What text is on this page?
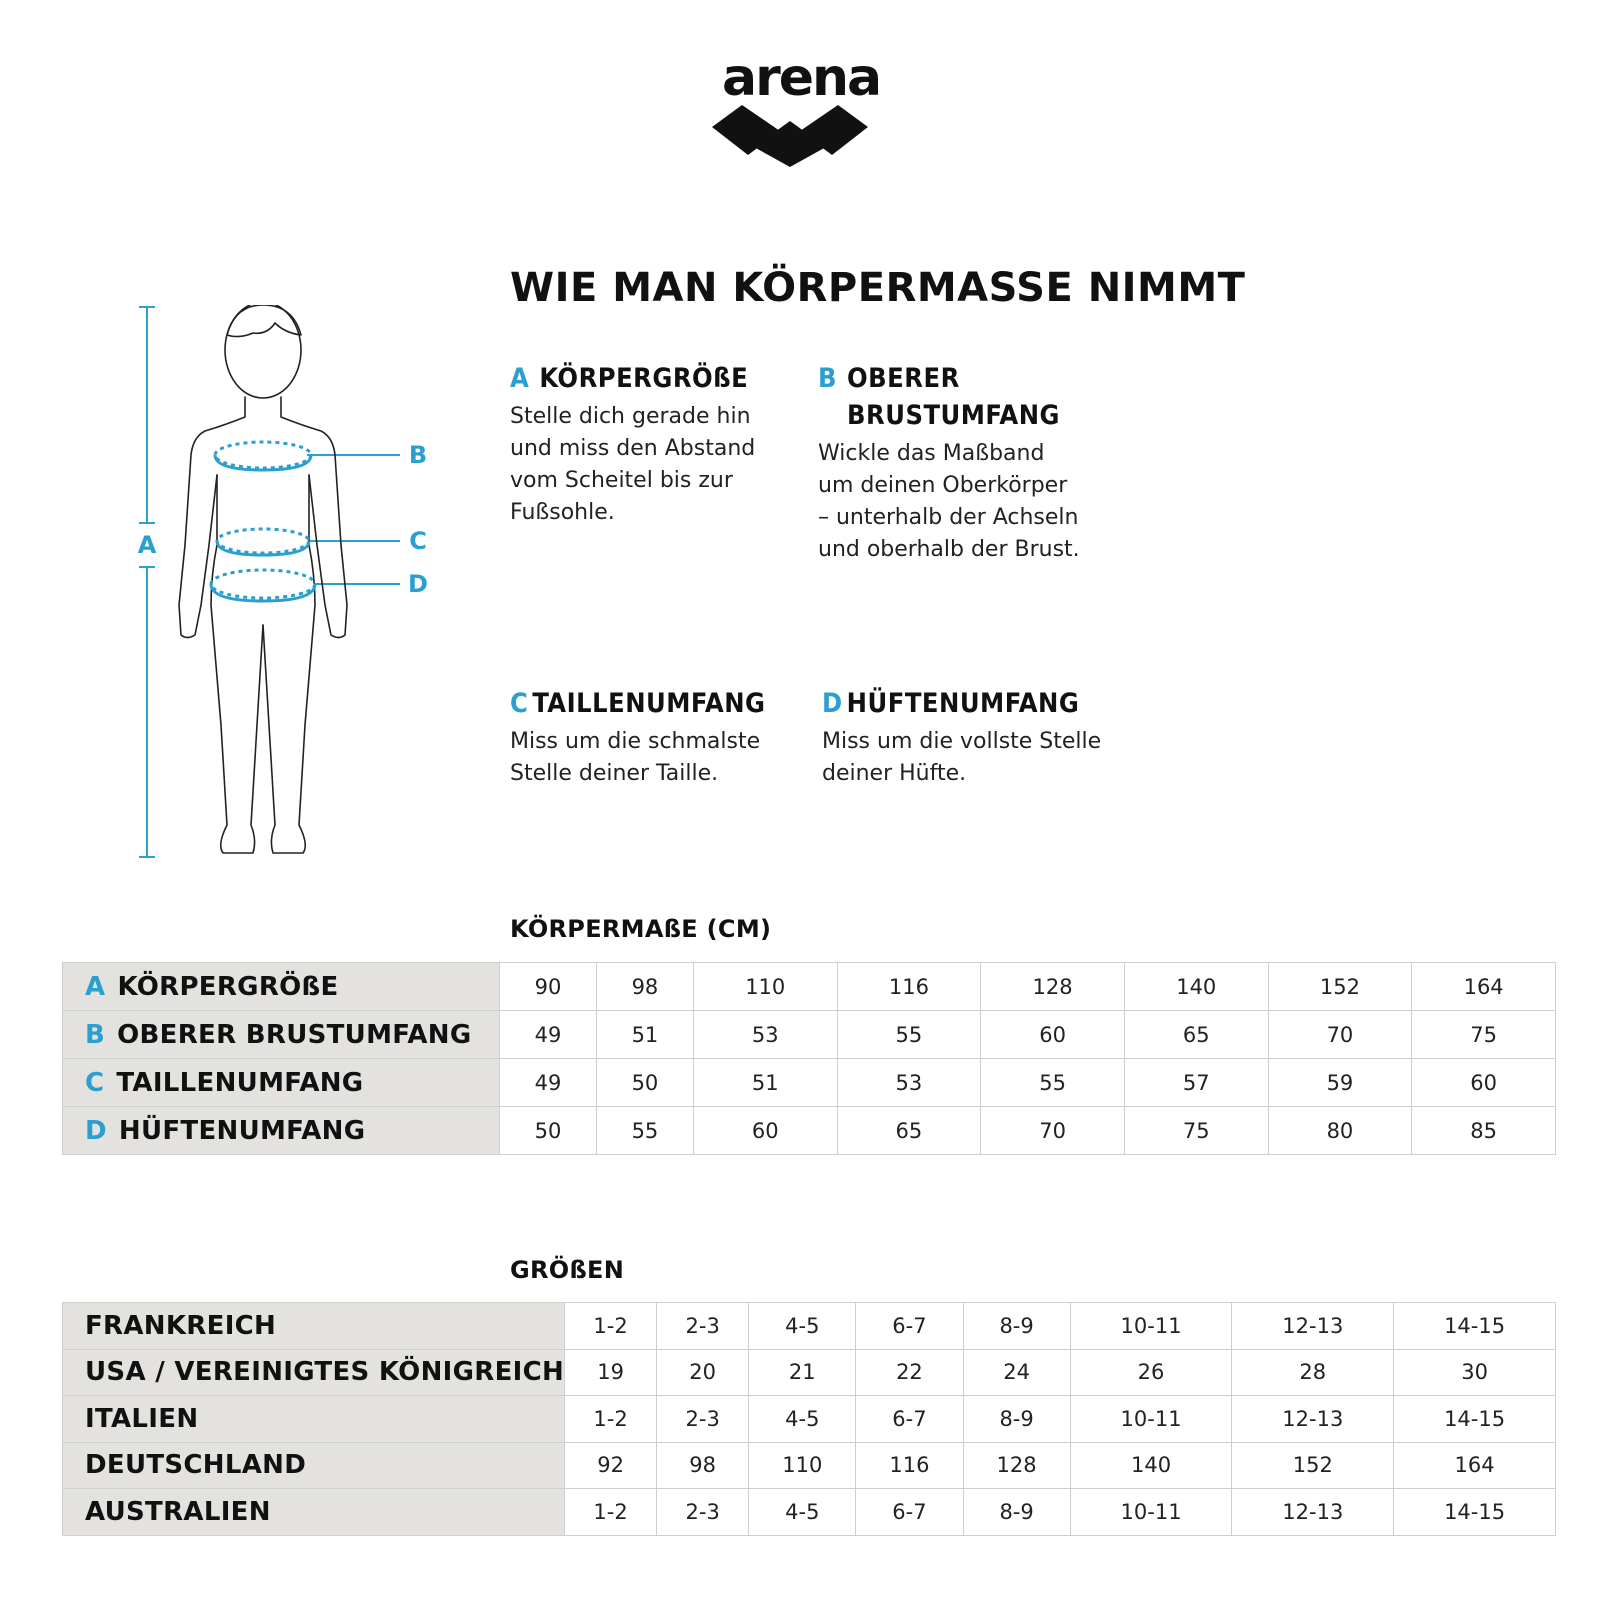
arena
WIE MAN KÖRPERMASSE NIMMT
A
B
C
D
A KÖRPERGRÖßE
Stelle dich gerade hin
und miss den Abstand
vom Scheitel bis zur
Fußsohle.
B OBERER
BRUSTUMFANG
Wickle das Maßband
um deinen Oberkörper
– unterhalb der Achseln
und oberhalb der Brust.
C TAILLENUMFANG
Miss um die schmalste
Stelle deiner Taille.
D HÜFTENUMFANG
Miss um die vollste Stelle
deiner Hüfte.
KÖRPERMAßE (CM)
A KÖRPERGRÖßE	90	98	110	116	128	140	152	164
B OBERER BRUSTUMFANG	49	51	53	55	60	65	70	75
C TAILLENUMFANG	49	50	51	53	55	57	59	60
D HÜFTENUMFANG	50	55	60	65	70	75	80	85
GRÖßEN
FRANKREICH	1-2	2-3	4-5	6-7	8-9	10-11	12-13	14-15
USA / VEREINIGTES KÖNIGREICH	19	20	21	22	24	26	28	30
ITALIEN	1-2	2-3	4-5	6-7	8-9	10-11	12-13	14-15
DEUTSCHLAND	92	98	110	116	128	140	152	164
AUSTRALIEN	1-2	2-3	4-5	6-7	8-9	10-11	12-13	14-15
